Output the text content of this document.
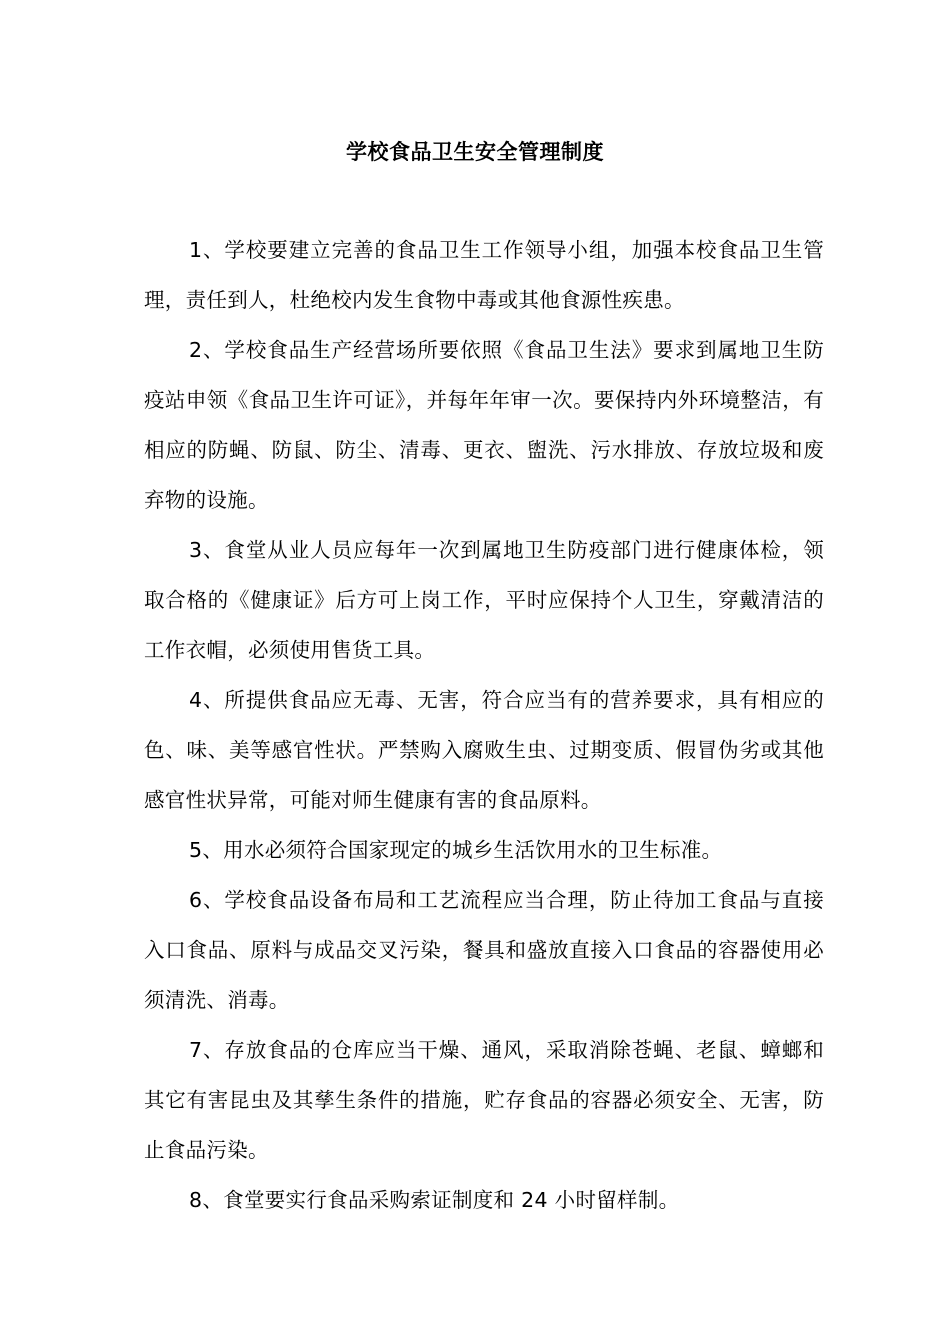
学校食品卫生安全管理制度

1、学校要建立完善的食品卫生工作领导小组，加强本校食品卫生管理，责任到人，杜绝校内发生食物中毒或其他食源性疾患。

2、学校食品生产经营场所要依照《食品卫生法》要求到属地卫生防疫站申领《食品卫生许可证》，并每年年审一次。要保持内外环境整洁，有相应的防蝇、防鼠、防尘、清毒、更衣、盥洗、污水排放、存放垃圾和废弃物的设施。

3、食堂从业人员应每年一次到属地卫生防疫部门进行健康体检，领取合格的《健康证》后方可上岗工作，平时应保持个人卫生，穿戴清洁的工作衣帽，必须使用售货工具。

4、所提供食品应无毒、无害，符合应当有的营养要求，具有相应的色、味、美等感官性状。严禁购入腐败生虫、过期变质、假冒伪劣或其他感官性状异常，可能对师生健康有害的食品原料。

5、用水必须符合国家现定的城乡生活饮用水的卫生标准。

6、学校食品设备布局和工艺流程应当合理，防止待加工食品与直接入口食品、原料与成品交叉污染，餐具和盛放直接入口食品的容器使用必须清洗、消毒。

7、存放食品的仓库应当干燥、通风，采取消除苍蝇、老鼠、蟑螂和其它有害昆虫及其孳生条件的措施，贮存食品的容器必须安全、无害，防止食品污染。

8、食堂要实行食品采购索证制度和 24 小时留样制。
